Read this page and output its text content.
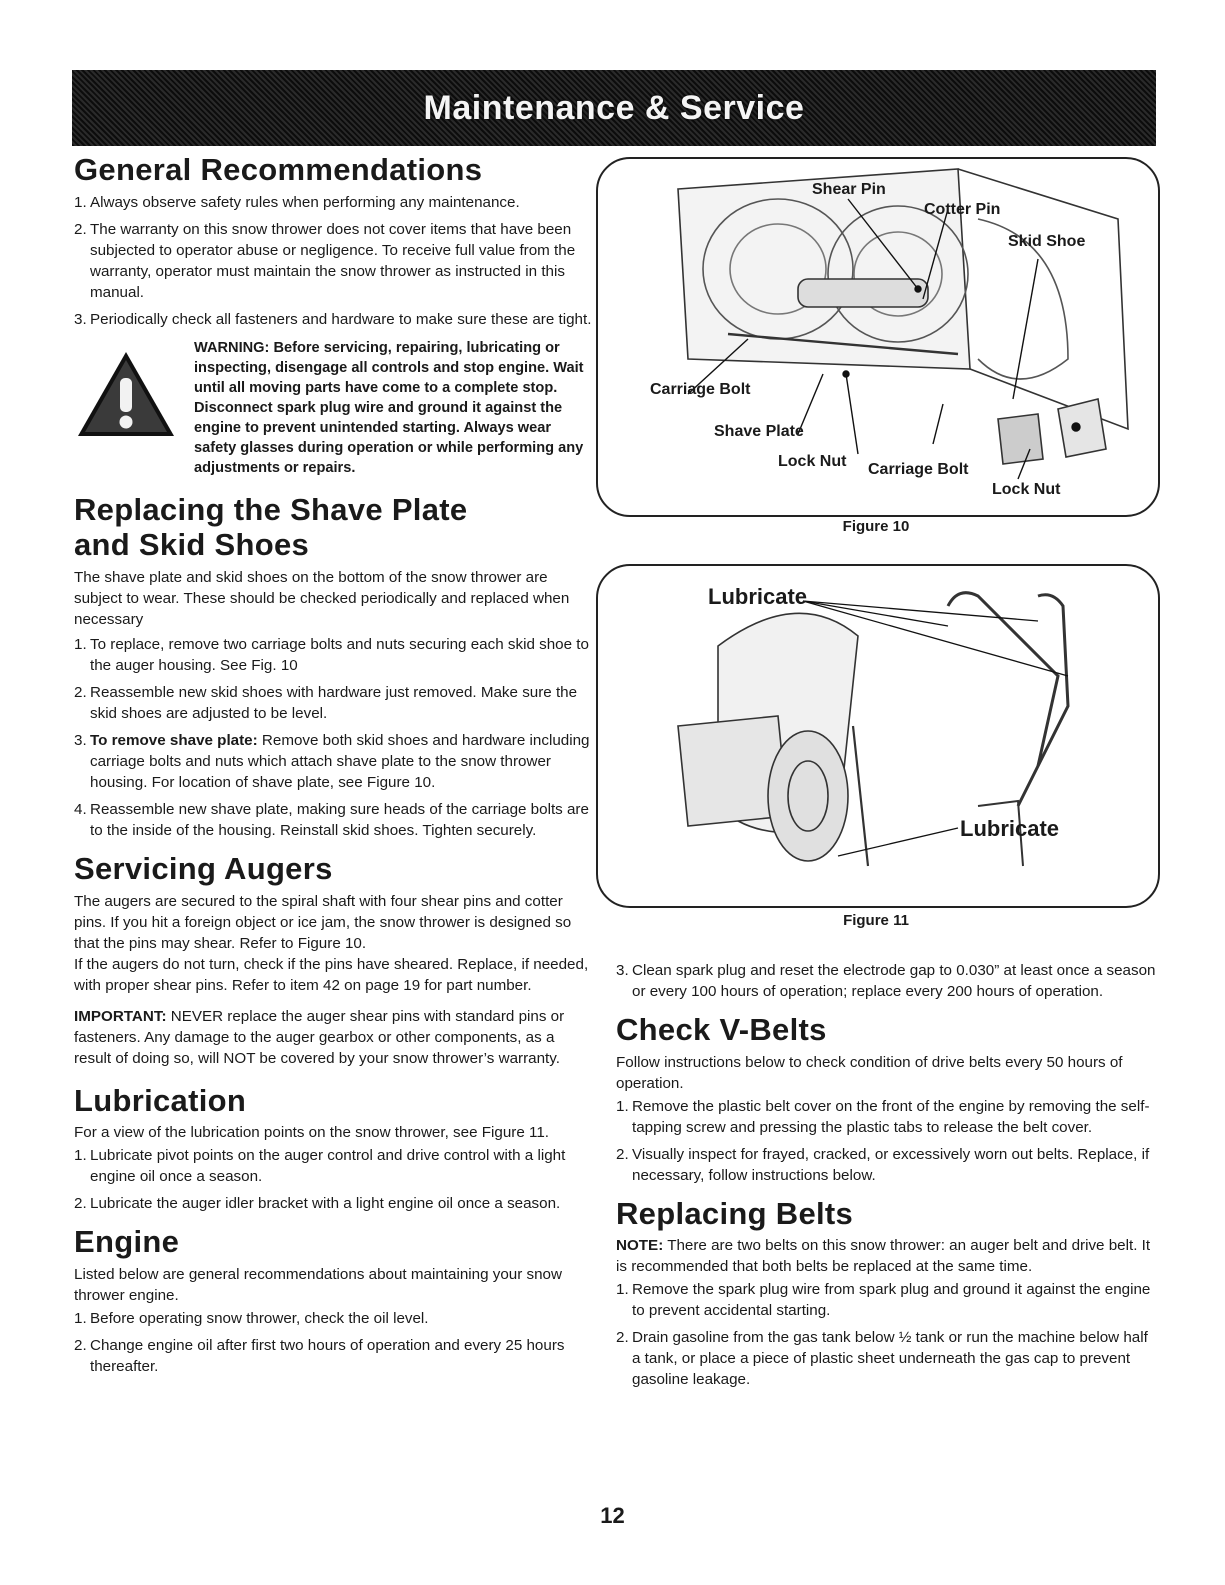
Maintenance & Service
General Recommendations
1. Always observe safety rules when performing any maintenance.
2. The warranty on this snow thrower does not cover items that have been subjected to operator abuse or negligence. To receive full value from the warranty, operator must maintain the snow thrower as instructed in this manual.
3. Periodically check all fasteners and hardware to make sure these are tight.
WARNING: Before servicing, repairing, lubricating or inspecting, disengage all controls and stop engine. Wait until all moving parts have come to a complete stop. Disconnect spark plug wire and ground it against the engine to prevent unintended starting. Always wear safety glasses during operation or while performing any adjustments or repairs.
Replacing the Shave Plate
and Skid Shoes

The shave plate and skid shoes on the bottom of the snow thrower are subject to wear. These should be checked periodically and replaced when necessary

1. To replace, remove two carriage bolts and nuts securing each skid shoe to the auger housing. See Fig. 10
2. Reassemble new skid shoes with hardware just removed. Make sure the skid shoes are adjusted to be level.
3. To remove shave plate: Remove both skid shoes and hardware including carriage bolts and nuts which attach shave plate to the snow thrower housing. For location of shave plate, see Figure 10.
4. Reassemble new shave plate, making sure heads of the carriage bolts are to the inside of the housing. Reinstall skid shoes. Tighten securely.
Servicing Augers

The augers are secured to the spiral shaft with four shear pins and cotter pins. If you hit a foreign object or ice jam, the snow thrower is designed so that the pins may shear. Refer to Figure 10.

If the augers do not turn, check if the pins have sheared. Replace, if needed, with proper shear pins. Refer to item 42 on page 19 for part number.

IMPORTANT: NEVER replace the auger shear pins with standard pins or fasteners. Any damage to the auger gearbox or other components, as a result of doing so, will NOT be covered by your snow thrower’s warranty.

Lubrication

For a view of the lubrication points on the snow thrower, see Figure 11.

1. Lubricate pivot points on the auger control and drive control with a light engine oil once a season.
2. Lubricate the auger idler bracket with a light engine oil once a season.
Engine

Listed below are general recommendations about maintaining your snow thrower engine.

1. Before operating snow thrower, check the oil level.
2. Change engine oil after first two hours of operation and every 25 hours thereafter.
Shear Pin
Cotter Pin
Skid Shoe
Carriage Bolt
Shave Plate
Lock Nut Carriage Bolt
Lock Nut
Figure 10
Lubricate
Lubricate
Figure 11
3. Clean spark plug and reset the electrode gap to 0.030” at least once a season or every 100 hours of operation; replace every 200 hours of operation.
Check V-Belts

Follow instructions below to check condition of drive belts every 50 hours of operation.

1. Remove the plastic belt cover on the front of the engine by removing the self-tapping screw and pressing the plastic tabs to release the belt cover.
2. Visually inspect for frayed, cracked, or excessively worn out belts. Replace, if necessary, follow instructions below.
Replacing Belts

NOTE: There are two belts on this snow thrower: an auger belt and drive belt. It is recommended that both belts be replaced at the same time.

1. Remove the spark plug wire from spark plug and ground it against the engine to prevent accidental starting.
2. Drain gasoline from the gas tank below ½ tank or run the machine below half a tank, or place a piece of plastic sheet underneath the gas cap to prevent gasoline leakage.
12
